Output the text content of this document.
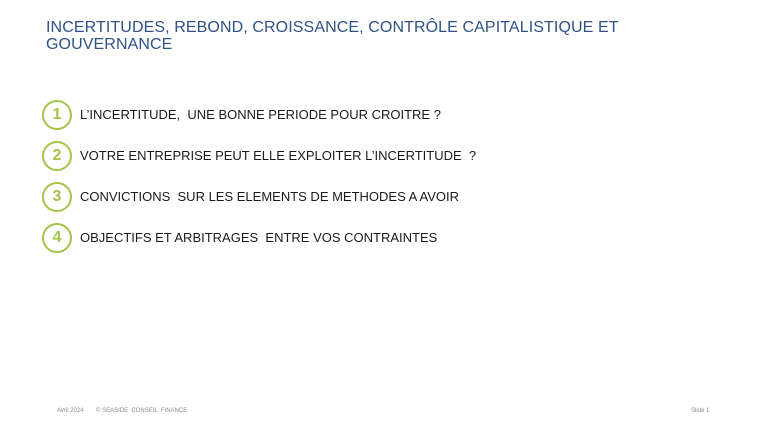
INCERTITUDES, REBOND, CROISSANCE, CONTRÔLE CAPITALISTIQUE ET GOUVERNANCE
1	L’INCERTITUDE,  UNE BONNE PERIODE POUR CROITRE ?
2	VOTRE ENTREPRISE PEUT ELLE EXPLOITER L’INCERTITUDE  ?
3	CONVICTIONS  SUR LES ELEMENTS DE METHODES A AVOIR
4	OBJECTIFS ET ARBITRAGES  ENTRE VOS CONTRAINTES
Avril 2024 © SEASIDE  CONSEIL  FINANCE	Slide 1
